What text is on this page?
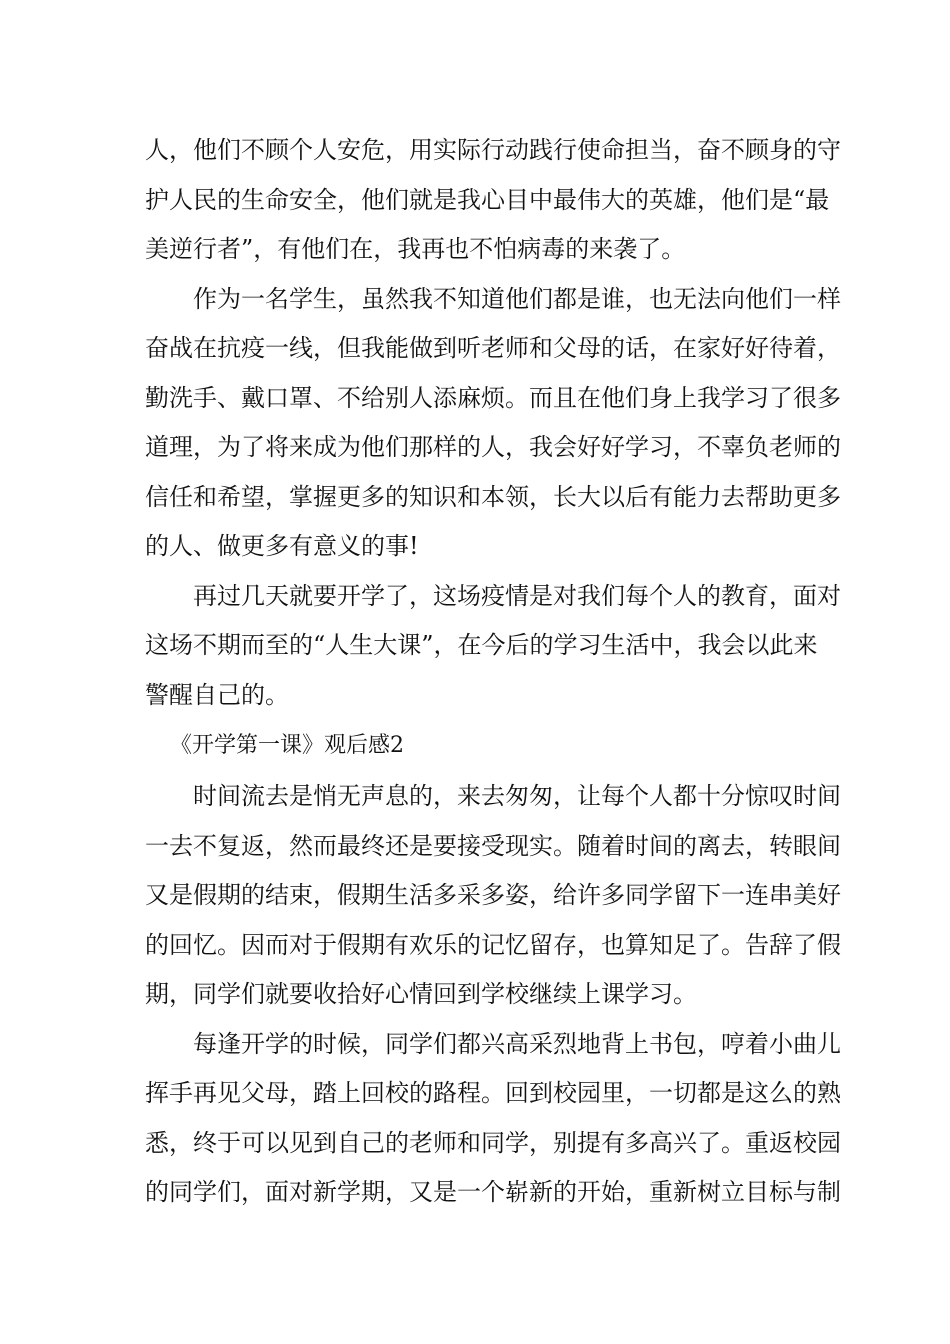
人，他们不顾个人安危，用实际行动践行使命担当，奋不顾身的守
护人民的生命安全，他们就是我心目中最伟大的英雄，他们是“最
美逆行者”，有他们在，我再也不怕病毒的来袭了。
作为一名学生，虽然我不知道他们都是谁，也无法向他们一样
奋战在抗疫一线，但我能做到听老师和父母的话，在家好好待着，
勤洗手、戴口罩、不给别人添麻烦。而且在他们身上我学习了很多
道理，为了将来成为他们那样的人，我会好好学习，不辜负老师的
信任和希望，掌握更多的知识和本领，长大以后有能力去帮助更多
的人、做更多有意义的事!
再过几天就要开学了，这场疫情是对我们每个人的教育，面对
这场不期而至的“人生大课”，在今后的学习生活中，我会以此来
警醒自己的。
《开学第一课》观后感2
时间流去是悄无声息的，来去匆匆，让每个人都十分惊叹时间
一去不复返，然而最终还是要接受现实。随着时间的离去，转眼间
又是假期的结束，假期生活多采多姿，给许多同学留下一连串美好
的回忆。因而对于假期有欢乐的记忆留存，也算知足了。告辞了假
期，同学们就要收拾好心情回到学校继续上课学习。
每逢开学的时候，同学们都兴高采烈地背上书包，哼着小曲儿
挥手再见父母，踏上回校的路程。回到校园里，一切都是这么的熟
悉，终于可以见到自己的老师和同学，别提有多高兴了。重返校园
的同学们，面对新学期，又是一个崭新的开始，重新树立目标与制
